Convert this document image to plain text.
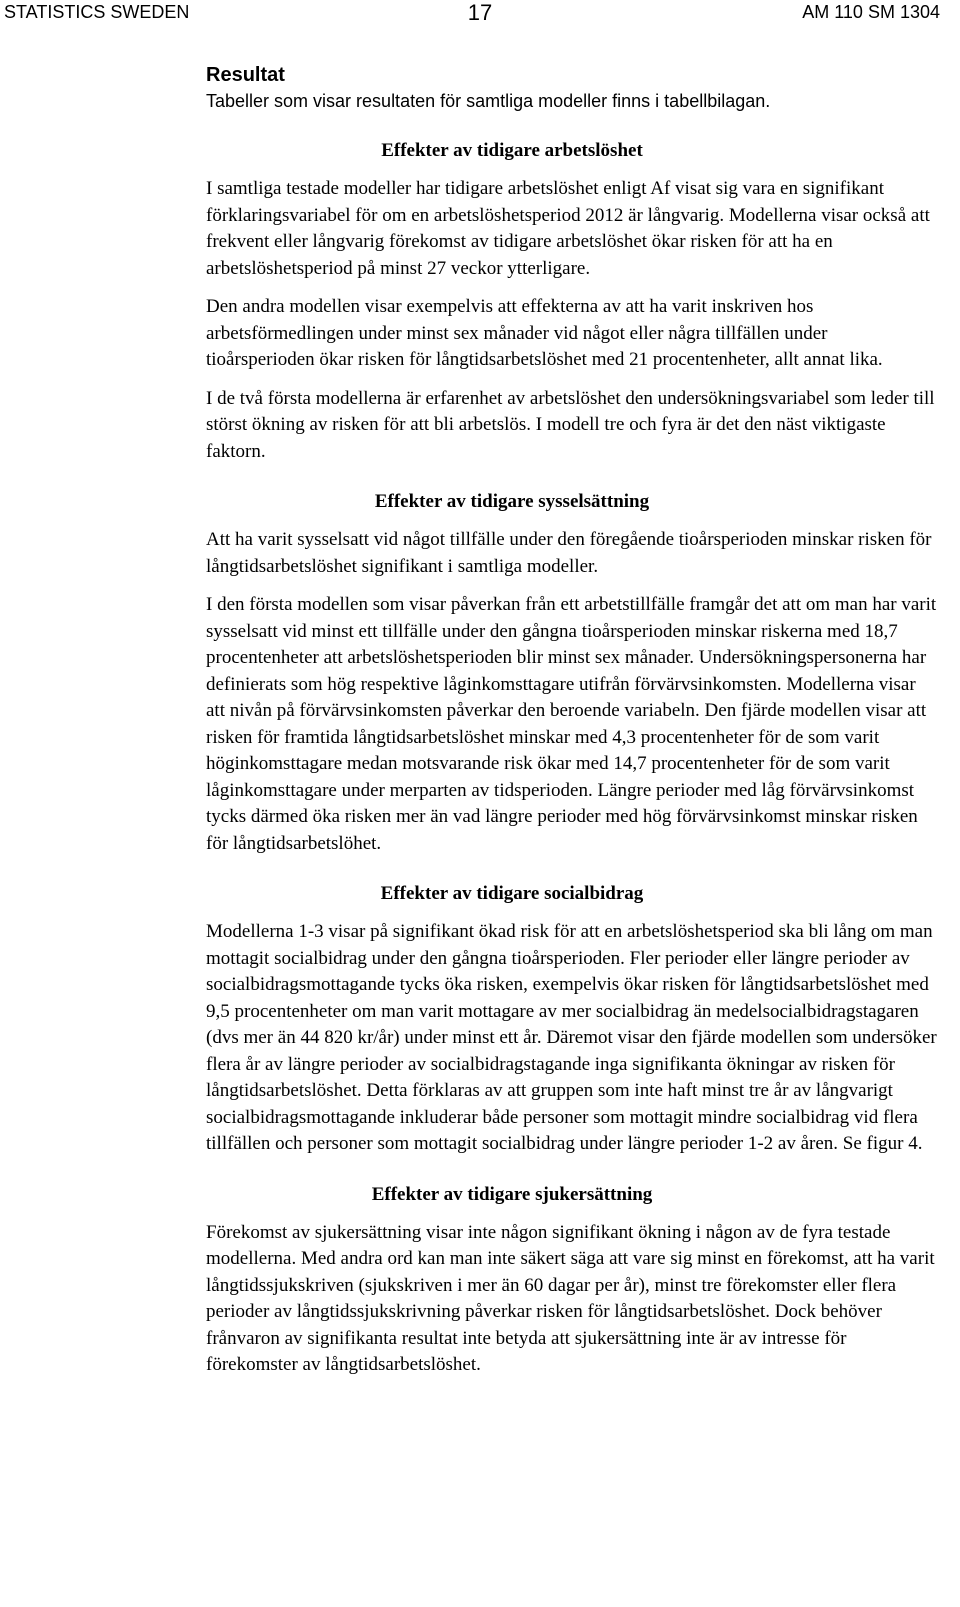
STATISTICS SWEDEN	17	AM 110 SM 1304
Resultat

Tabeller som visar resultaten för samtliga modeller finns i tabellbilagan.

Effekter av tidigare arbetslöshet

I samtliga testade modeller har tidigare arbetslöshet enligt Af visat sig vara en signifikant förklaringsvariabel för om en arbetslöshetsperiod 2012 är långvarig. Modellerna visar också att frekvent eller långvarig förekomst av tidigare arbetslöshet ökar risken för att ha en arbetslöshetsperiod på minst 27 veckor ytterligare.

Den andra modellen visar exempelvis att effekterna av att ha varit inskriven hos arbetsförmedlingen under minst sex månader vid något eller några tillfällen under tioårsperioden ökar risken för långtidsarbetslöshet med 21 procentenheter, allt annat lika.

I de två första modellerna är erfarenhet av arbetslöshet den undersökningsvariabel som leder till störst ökning av risken för att bli arbetslös. I modell tre och fyra är det den näst viktigaste faktorn.

Effekter av tidigare sysselsättning

Att ha varit sysselsatt vid något tillfälle under den föregående tioårsperioden minskar risken för långtidsarbetslöshet signifikant i samtliga modeller.

I den första modellen som visar påverkan från ett arbetstillfälle framgår det att om man har varit sysselsatt vid minst ett tillfälle under den gångna tioårsperioden minskar riskerna med 18,7 procentenheter att arbetslöshetsperioden blir minst sex månader. Undersökningspersonerna har definierats som hög respektive låginkomsttagare utifrån förvärvsinkomsten. Modellerna visar att nivån på förvärvsinkomsten påverkar den beroende variabeln. Den fjärde modellen visar att risken för framtida långtidsarbetslöshet minskar med 4,3 procentenheter för de som varit höginkomsttagare medan motsvarande risk ökar med 14,7 procentenheter för de som varit låginkomsttagare under merparten av tidsperioden. Längre perioder med låg förvärvsinkomst tycks därmed öka risken mer än vad längre perioder med hög förvärvsinkomst minskar risken för långtidsarbetslöhet.

Effekter av tidigare socialbidrag

Modellerna 1-3 visar på signifikant ökad risk för att en arbetslöshetsperiod ska bli lång om man mottagit socialbidrag under den gångna tioårsperioden. Fler perioder eller längre perioder av socialbidragsmottagande tycks öka risken, exempelvis ökar risken för långtidsarbetslöshet med 9,5 procentenheter om man varit mottagare av mer socialbidrag än medelsocialbidragstagaren (dvs mer än 44 820 kr/år) under minst ett år. Däremot visar den fjärde modellen som undersöker flera år av längre perioder av socialbidragstagande inga signifikanta ökningar av risken för långtidsarbetslöshet. Detta förklaras av att gruppen som inte haft minst tre år av långvarigt socialbidragsmottagande inkluderar både personer som mottagit mindre socialbidrag vid flera tillfällen och personer som mottagit socialbidrag under längre perioder 1-2 av åren. Se figur 4.

Effekter av tidigare sjukersättning

Förekomst av sjukersättning visar inte någon signifikant ökning i någon av de fyra testade modellerna. Med andra ord kan man inte säkert säga att vare sig minst en förekomst, att ha varit långtidssjukskriven (sjukskriven i mer än 60 dagar per år), minst tre förekomster eller flera perioder av långtidssjukskrivning påverkar risken för långtidsarbetslöshet. Dock behöver frånvaron av signifikanta resultat inte betyda att sjukersättning inte är av intresse för förekomster av långtidsarbetslöshet.
